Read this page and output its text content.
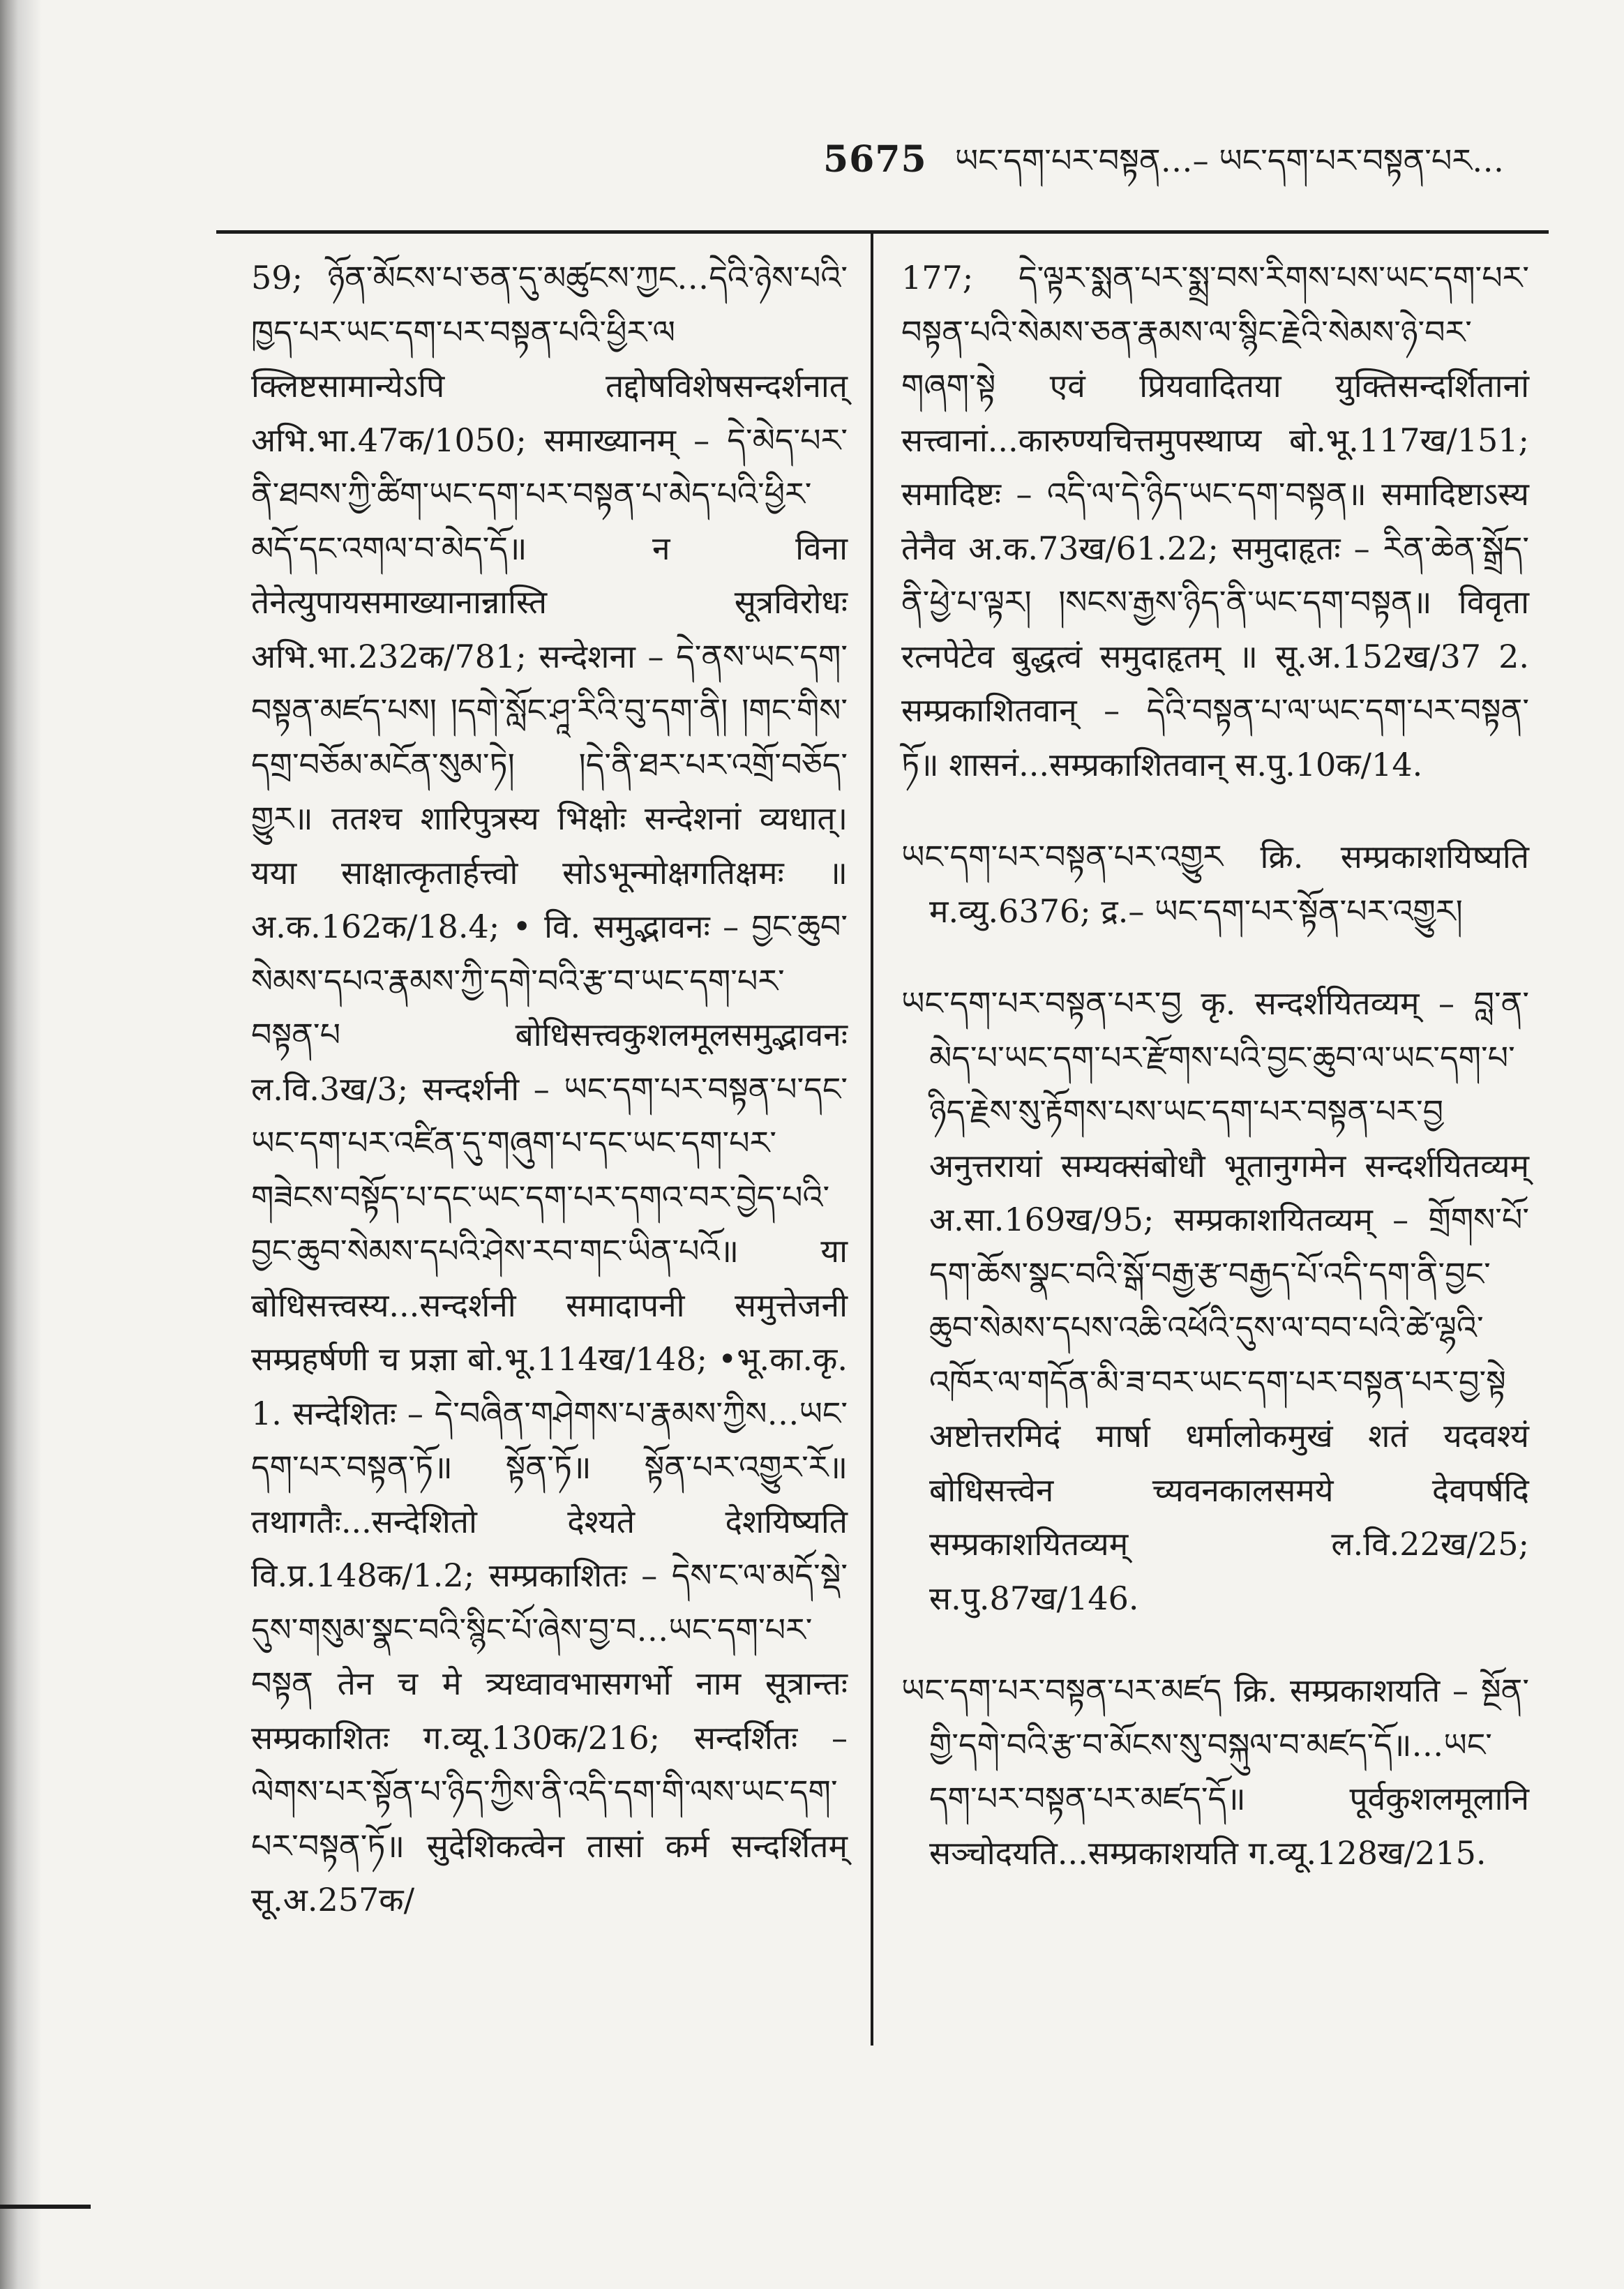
5675 ཡང་དག་པར་བསྟན…– ཡང་དག་པར་བསྟན་པར…

59; ཉོན་མོངས་པ་ཅན་དུ་མཚུངས་ཀྱང…དེའི་ཉེས་པའི་ཁྱད་པར་ཡང་དག་པར་བསྟན་པའི་ཕྱིར་ལ क्लिष्टसामान्येऽपि तद्दोषविशेषसन्दर्शनात् अभि.भा.47क/1050; समाख्यानम् – དེ་མེད་པར་ནི་ཐབས་ཀྱི་ཚིག་ཡང་དག་པར་བསྟན་པ་མེད་པའི་ཕྱིར་མདོ་དང་འགལ་བ་མེད་དོ॥ न विना तेनेत्युपायसमाख्यानान्नास्ति सूत्रविरोधः अभि.भा.232क/781; सन्देशना – དེ་ནས་ཡང་དག་བསྟན་མཛད་པས། །དགེ་སློང་ཤཱ་རིའི་བུ་དག་ནི། །གང་གིས་དགྲ་བཅོམ་མངོན་སུམ་ཏེ། །དེ་ནི་ཐར་པར་འགྲོ་བཅོད་གྱུར॥ ततश्च शारिपुत्रस्य भिक्षोः सन्देशनां व्यधात्। यया साक्षात्कृतार्हत्त्वो सोऽभून्मोक्षगतिक्षमः ॥ अ.क.162क/18.4; • वि. समुद्भावनः – བྱང་ཆུབ་སེམས་དཔའ་རྣམས་ཀྱི་དགེ་བའི་རྩ་བ་ཡང་དག་པར་བསྟན་པ बोधिसत्त्वकुशलमूलसमुद्भावनः ल.वि.3ख/3; सन्दर्शनी – ཡང་དག་པར་བསྟན་པ་དང་ཡང་དག་པར་འཛིན་དུ་གཞུག་པ་དང་ཡང་དག་པར་གཟེངས་བསྟོད་པ་དང་ཡང་དག་པར་དགའ་བར་བྱེད་པའི་བྱང་ཆུབ་སེམས་དཔའི་ཤེས་རབ་གང་ཡིན་པའོ॥ या बोधिसत्त्वस्य...सन्दर्शनी समादापनी समुत्तेजनी सम्प्रहर्षणी च प्रज्ञा बो.भू.114ख/148; •भू.का.कृ. 1. सन्देशितः – དེ་བཞིན་གཤེགས་པ་རྣམས་ཀྱིས…ཡང་དག་པར་བསྟན་ཏོ॥ སྟོན་ཏོ॥ སྟོན་པར་འགྱུར་རོ॥ तथागतैः...सन्देशितो देश्यते देशयिष्यति वि.प्र.148क/1.2; सम्प्रकाशितः – དེས་ང་ལ་མདོ་སྡེ་དུས་གསུམ་སྣང་བའི་སྙིང་པོ་ཞེས་བྱ་བ…ཡང་དག་པར་བསྟན तेन च मे त्र्यध्वावभासगर्भो नाम सूत्रान्तः सम्प्रकाशितः ग.व्यू.130क/216; सन्दर्शितः – ལེགས་པར་སྟོན་པ་ཉིད་ཀྱིས་ནི་འདི་དག་གི་ལས་ཡང་དག་པར་བསྟན་ཏོ॥ सुदेशिकत्वेन तासां कर्म सन्दर्शितम् सू.अ.257क/

177; དེ་ལྟར་སྨན་པར་སྨྲ་བས་རིགས་པས་ཡང་དག་པར་བསྟན་པའི་སེམས་ཅན་རྣམས་ལ་སྙིང་རྗེའི་སེམས་ཉེ་བར་གཞག་སྟེ एवं प्रियवादितया युक्तिसन्दर्शितानां सत्त्वानां...कारुण्यचित्तमुपस्थाप्य बो.भू.117ख/151; समादिष्टः – འདི་ལ་དེ་ཉིད་ཡང་དག་བསྟན॥ समादिष्टाऽस्य तेनैव अ.क.73ख/61.22; समुदाहृतः – རིན་ཆེན་སྒྲོད་ནི་ཕྱེ་པ་ལྟར། །སངས་རྒྱས་ཉིད་ནི་ཡང་དག་བསྟན॥ विवृता रत्नपेटेव बुद्धत्वं समुदाहृतम् ॥ सू.अ.152ख/37 2. सम्प्रकाशितवान् – དེའི་བསྟན་པ་ལ་ཡང་དག་པར་བསྟན་ཏོ॥ शासनं...सम्प्रकाशितवान् स.पु.10क/14.

ཡང་དག་པར་བསྟན་པར་འགྱུར क्रि. सम्प्रकाशयिष्यति म.व्यु.6376; द्र.– ཡང་དག་པར་སྟོན་པར་འགྱུར།

ཡང་དག་པར་བསྟན་པར་བྱ कृ. सन्दर्शयितव्यम् – བླ་ན་མེད་པ་ཡང་དག་པར་རྫོགས་པའི་བྱང་ཆུབ་ལ་ཡང་དག་པ་ཉིད་རྗེས་སུ་རྟོགས་པས་ཡང་དག་པར་བསྟན་པར་བྱ अनुत्तरायां सम्यक्संबोधौ भूतानुगमेन सन्दर्शयितव्यम् अ.सा.169ख/95; सम्प्रकाशयितव्यम् – གྲོགས་པོ་དག་ཆོས་སྣང་བའི་སྒོ་བརྒྱ་རྩ་བརྒྱད་པོ་འདི་དག་ནི་བྱང་ཆུབ་སེམས་དཔས་འཆི་འཕོའི་དུས་ལ་བབ་པའི་ཚེ་ལྷའི་འཁོར་ལ་གདོན་མི་ཟ་བར་ཡང་དག་པར་བསྟན་པར་བྱ་སྟེ अष्टोत्तरमिदं मार्षा धर्मालोकमुखं शतं यदवश्यं बोधिसत्त्वेन च्यवनकालसमये देवपर्षदि सम्प्रकाशयितव्यम् ल.वि.22ख/25; स.पु.87ख/146.

ཡང་དག་པར་བསྟན་པར་མཛད क्रि. सम्प्रकाशयति – སྔོན་གྱི་དགེ་བའི་རྩ་བ་མོངས་སུ་བསྐུལ་བ་མཛད་དོ॥…ཡང་དག་པར་བསྟན་པར་མཛད་དོ॥ पूर्वकुशलमूलानि सञ्चोदयति...सम्प्रकाशयति ग.व्यू.128ख/215.
